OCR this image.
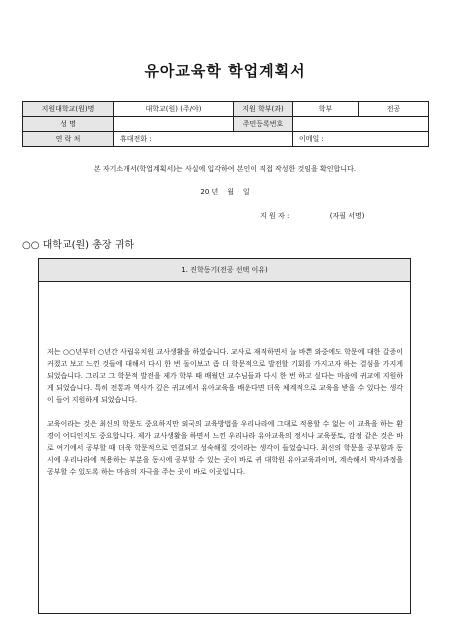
유아교육학 학업계획서
지원대학교(원)명	대학교(원) (주/야)	지원 학부(과)	학부	전공
성 명		주민등록번호		
연 락 처	휴대전화 :		이메일 :	
본 자기소개서(학업계획서)는 사실에 입각하여 본인이 직접 작성한 것임을 확인합니다.
20 년 월 일
지 원 자 :	(자필 서명)
○○ 대학교(원) 총장 귀하
1. 진학동기(전공 선택 이유)

저는 ○○년부터 ○년간 사립유치원 교사생활을 하였습니다. 교사로 재직하면서 늘 바쁜 와중에도 학문에 대한 갈증이 커졌고 보고 느낀 것들에 대해서 다시 한 번 돌이보고 좀 더 학문적으로 발전할 기회를 가지고자 하는 결심을 가지게 되었습니다. 그리고 그 학문적 발전을 제가 학부 때 배웠던 교수님들과 다시 한 번 하고 싶다는 마음에 귀교에 지원하게 되었습니다. 특히 전통과 역사가 깊은 귀교에서 유아교육을 배운다면 더욱 체계적으로 교육을 받을 수 있다는 생각이 들어 지원하게 되었습니다.

교육이라는 것은 최신의 학문도 중요하지만 외국의 교육방법을 우리나라에 그대로 적용할 수 없는 이 교육을 하는 환경이 어디인지도 중요합니다. 제가 교사생활을 하면서 느낀 우리나라 유아교육의 정서나 교육풍토, 감정 같은 것은 바로 여기에서 공부할 때 더욱 학문적으로 연결되고 성숙해질 것이라는 생각이 들었습니다. 최신의 학문을 공부함과 동시에 우리나라에 적용하는 부분을 동시에 공부할 수 있는 곳이 바로 귀 대학원 유아교육과이며, 계속해서 박사과정을 공부할 수 있도록 하는 마음의 자극을 주는 곳이 바로 이곳입니다.
